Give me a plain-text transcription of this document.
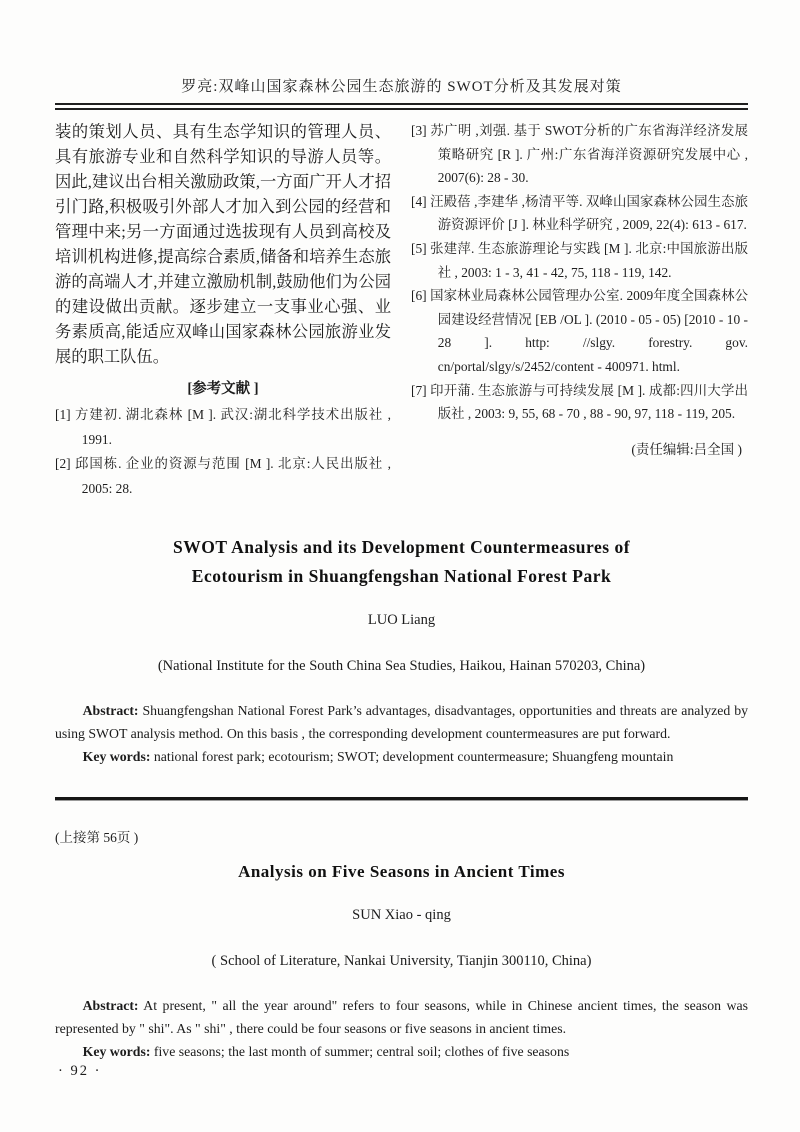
罗亮:双峰山国家森林公园生态旅游的 SWOT分析及其发展对策

装的策划人员、具有生态学知识的管理人员、具有旅游专业和自然科学知识的导游人员等。因此,建议出台相关激励政策,一方面广开人才招引门路,积极吸引外部人才加入到公园的经营和管理中来;另一方面通过选拔现有人员到高校及培训机构进修,提高综合素质,储备和培养生态旅游的高端人才,并建立激励机制,鼓励他们为公园的建设做出贡献。逐步建立一支事业心强、业务素质高,能适应双峰山国家森林公园旅游业发展的职工队伍。

[参考文献 ]

[1] 方建初. 湖北森林 [M ]. 武汉:湖北科学技术出版社 , 1991.

[2] 邱国栋. 企业的资源与范围 [M ]. 北京:人民出版社 , 2005: 28.

[3] 苏广明 ,刘强. 基于 SWOT分析的广东省海洋经济发展策略研究 [R ]. 广州:广东省海洋资源研究发展中心 , 2007(6): 28 - 30.

[4] 汪殿蓓 ,李建华 ,杨清平等. 双峰山国家森林公园生态旅游资源评价 [J ]. 林业科学研究 , 2009, 22(4): 613 - 617.

[5] 张建萍. 生态旅游理论与实践 [M ]. 北京:中国旅游出版社 , 2003: 1 - 3, 41 - 42, 75, 118 - 119, 142.

[6] 国家林业局森林公园管理办公室. 2009年度全国森林公园建设经营情况 [EB /OL ]. (2010 - 05 - 05) [2010 - 10 - 28 ]. http: //slgy. forestry. gov. cn/portal/slgy/s/2452/content - 400971. html.

[7] 印开蒲. 生态旅游与可持续发展 [M ]. 成都:四川大学出版社 , 2003: 9, 55, 68 - 70 , 88 - 90, 97, 118 - 119, 205.

(责任编辑:吕全国 )

SWOT Analysis and its Development Countermeasures of
Ecotourism in Shuangfengshan National Forest Park

LUO Liang

(National Institute for the South China Sea Studies, Haikou, Hainan 570203, China)

Abstract: Shuangfengshan National Forest Park’s advantages, disadvantages, opportunities and threats are analyzed by using SWOT analysis method. On this basis , the corresponding development countermeasures are put forward.

Key words: national forest park; ecotourism; SWOT; development countermeasure; Shuangfeng mountain

(上接第 56页 )

Analysis on Five Seasons in Ancient Times

SUN Xiao - qing

( School of Literature, Nankai University, Tianjin 300110, China)

Abstract: At present, " all the year around" refers to four seasons, while in Chinese ancient times, the season was represented by " shi". As " shi" , there could be four seasons or five seasons in ancient times.

Key words: five seasons; the last month of summer; central soil; clothes of five seasons

· 92 ·
